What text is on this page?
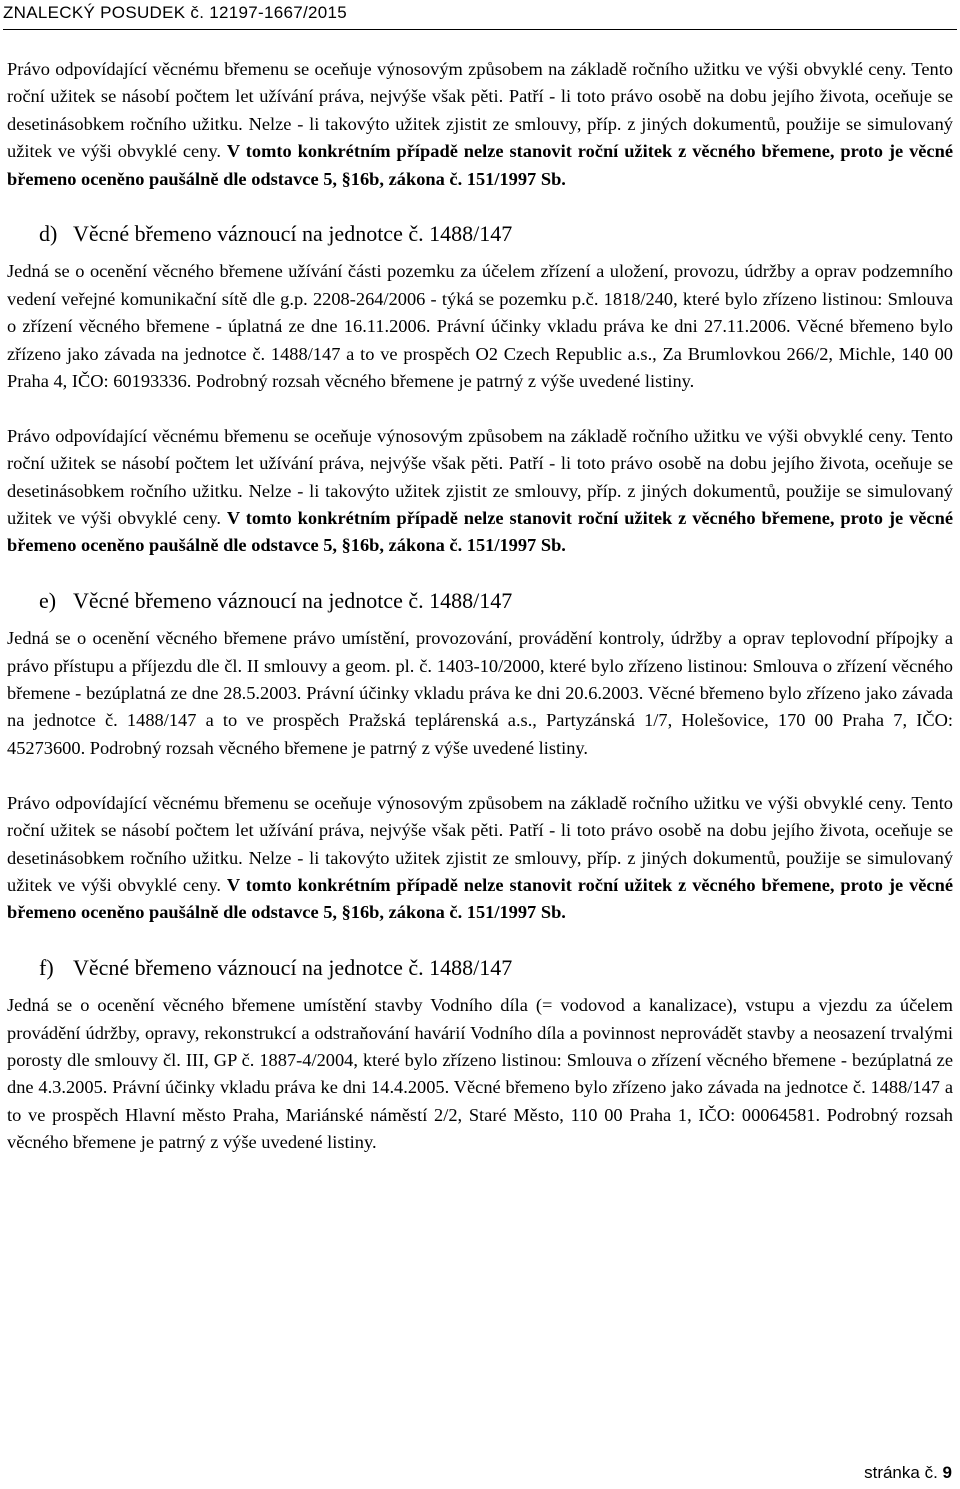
ZNALECKÝ POSUDEK č. 12197-1667/2015

Právo odpovídající věcnému břemenu se oceňuje výnosovým způsobem na základě ročního užitku ve výši obvyklé ceny. Tento roční užitek se násobí počtem let užívání práva, nejvýše však pěti. Patří - li toto právo osobě na dobu jejího života, oceňuje se desetinásobkem ročního užitku. Nelze - li takovýto užitek zjistit ze smlouvy, příp. z jiných dokumentů, použije se simulovaný užitek ve výši obvyklé ceny. V tomto konkrétním případě nelze stanovit roční užitek z věcného břemene, proto je věcné břemeno oceněno paušálně dle odstavce 5, §16b, zákona č. 151/1997 Sb.

d) Věcné břemeno váznoucí na jednotce č. 1488/147

Jedná se o ocenění věcného břemene užívání části pozemku za účelem zřízení a uložení, provozu, údržby a oprav podzemního vedení veřejné komunikační sítě dle g.p. 2208-264/2006 - týká se pozemku p.č. 1818/240, které bylo zřízeno listinou: Smlouva o zřízení věcného břemene - úplatná ze dne 16.11.2006. Právní účinky vkladu práva ke dni 27.11.2006. Věcné břemeno bylo zřízeno jako závada na jednotce č. 1488/147 a to ve prospěch O2 Czech Republic a.s., Za Brumlovkou 266/2, Michle, 140 00 Praha 4, IČO: 60193336. Podrobný rozsah věcného břemene je patrný z výše uvedené listiny.

Právo odpovídající věcnému břemenu se oceňuje výnosovým způsobem na základě ročního užitku ve výši obvyklé ceny. Tento roční užitek se násobí počtem let užívání práva, nejvýše však pěti. Patří - li toto právo osobě na dobu jejího života, oceňuje se desetinásobkem ročního užitku. Nelze - li takovýto užitek zjistit ze smlouvy, příp. z jiných dokumentů, použije se simulovaný užitek ve výši obvyklé ceny. V tomto konkrétním případě nelze stanovit roční užitek z věcného břemene, proto je věcné břemeno oceněno paušálně dle odstavce 5, §16b, zákona č. 151/1997 Sb.

e) Věcné břemeno váznoucí na jednotce č. 1488/147

Jedná se o ocenění věcného břemene právo umístění, provozování, provádění kontroly, údržby a oprav teplovodní přípojky a právo přístupu a příjezdu dle čl. II smlouvy a geom. pl. č. 1403-10/2000, které bylo zřízeno listinou: Smlouva o zřízení věcného břemene - bezúplatná ze dne 28.5.2003. Právní účinky vkladu práva ke dni 20.6.2003. Věcné břemeno bylo zřízeno jako závada na jednotce č. 1488/147 a to ve prospěch Pražská teplárenská a.s., Partyzánská 1/7, Holešovice, 170 00 Praha 7, IČO: 45273600. Podrobný rozsah věcného břemene je patrný z výše uvedené listiny.

Právo odpovídající věcnému břemenu se oceňuje výnosovým způsobem na základě ročního užitku ve výši obvyklé ceny. Tento roční užitek se násobí počtem let užívání práva, nejvýše však pěti. Patří - li toto právo osobě na dobu jejího života, oceňuje se desetinásobkem ročního užitku. Nelze - li takovýto užitek zjistit ze smlouvy, příp. z jiných dokumentů, použije se simulovaný užitek ve výši obvyklé ceny. V tomto konkrétním případě nelze stanovit roční užitek z věcného břemene, proto je věcné břemeno oceněno paušálně dle odstavce 5, §16b, zákona č. 151/1997 Sb.

f) Věcné břemeno váznoucí na jednotce č. 1488/147

Jedná se o ocenění věcného břemene umístění stavby Vodního díla (= vodovod a kanalizace), vstupu a vjezdu za účelem provádění údržby, opravy, rekonstrukcí a odstraňování havárií Vodního díla a povinnost neprovádět stavby a neosazení trvalými porosty dle smlouvy čl. III, GP č. 1887-4/2004, které bylo zřízeno listinou: Smlouva o zřízení věcného břemene - bezúplatná ze dne 4.3.2005. Právní účinky vkladu práva ke dni 14.4.2005. Věcné břemeno bylo zřízeno jako závada na jednotce č. 1488/147 a to ve prospěch Hlavní město Praha, Mariánské náměstí 2/2, Staré Město, 110 00 Praha 1, IČO: 00064581. Podrobný rozsah věcného břemene je patrný z výše uvedené listiny.

stránka č. 9
